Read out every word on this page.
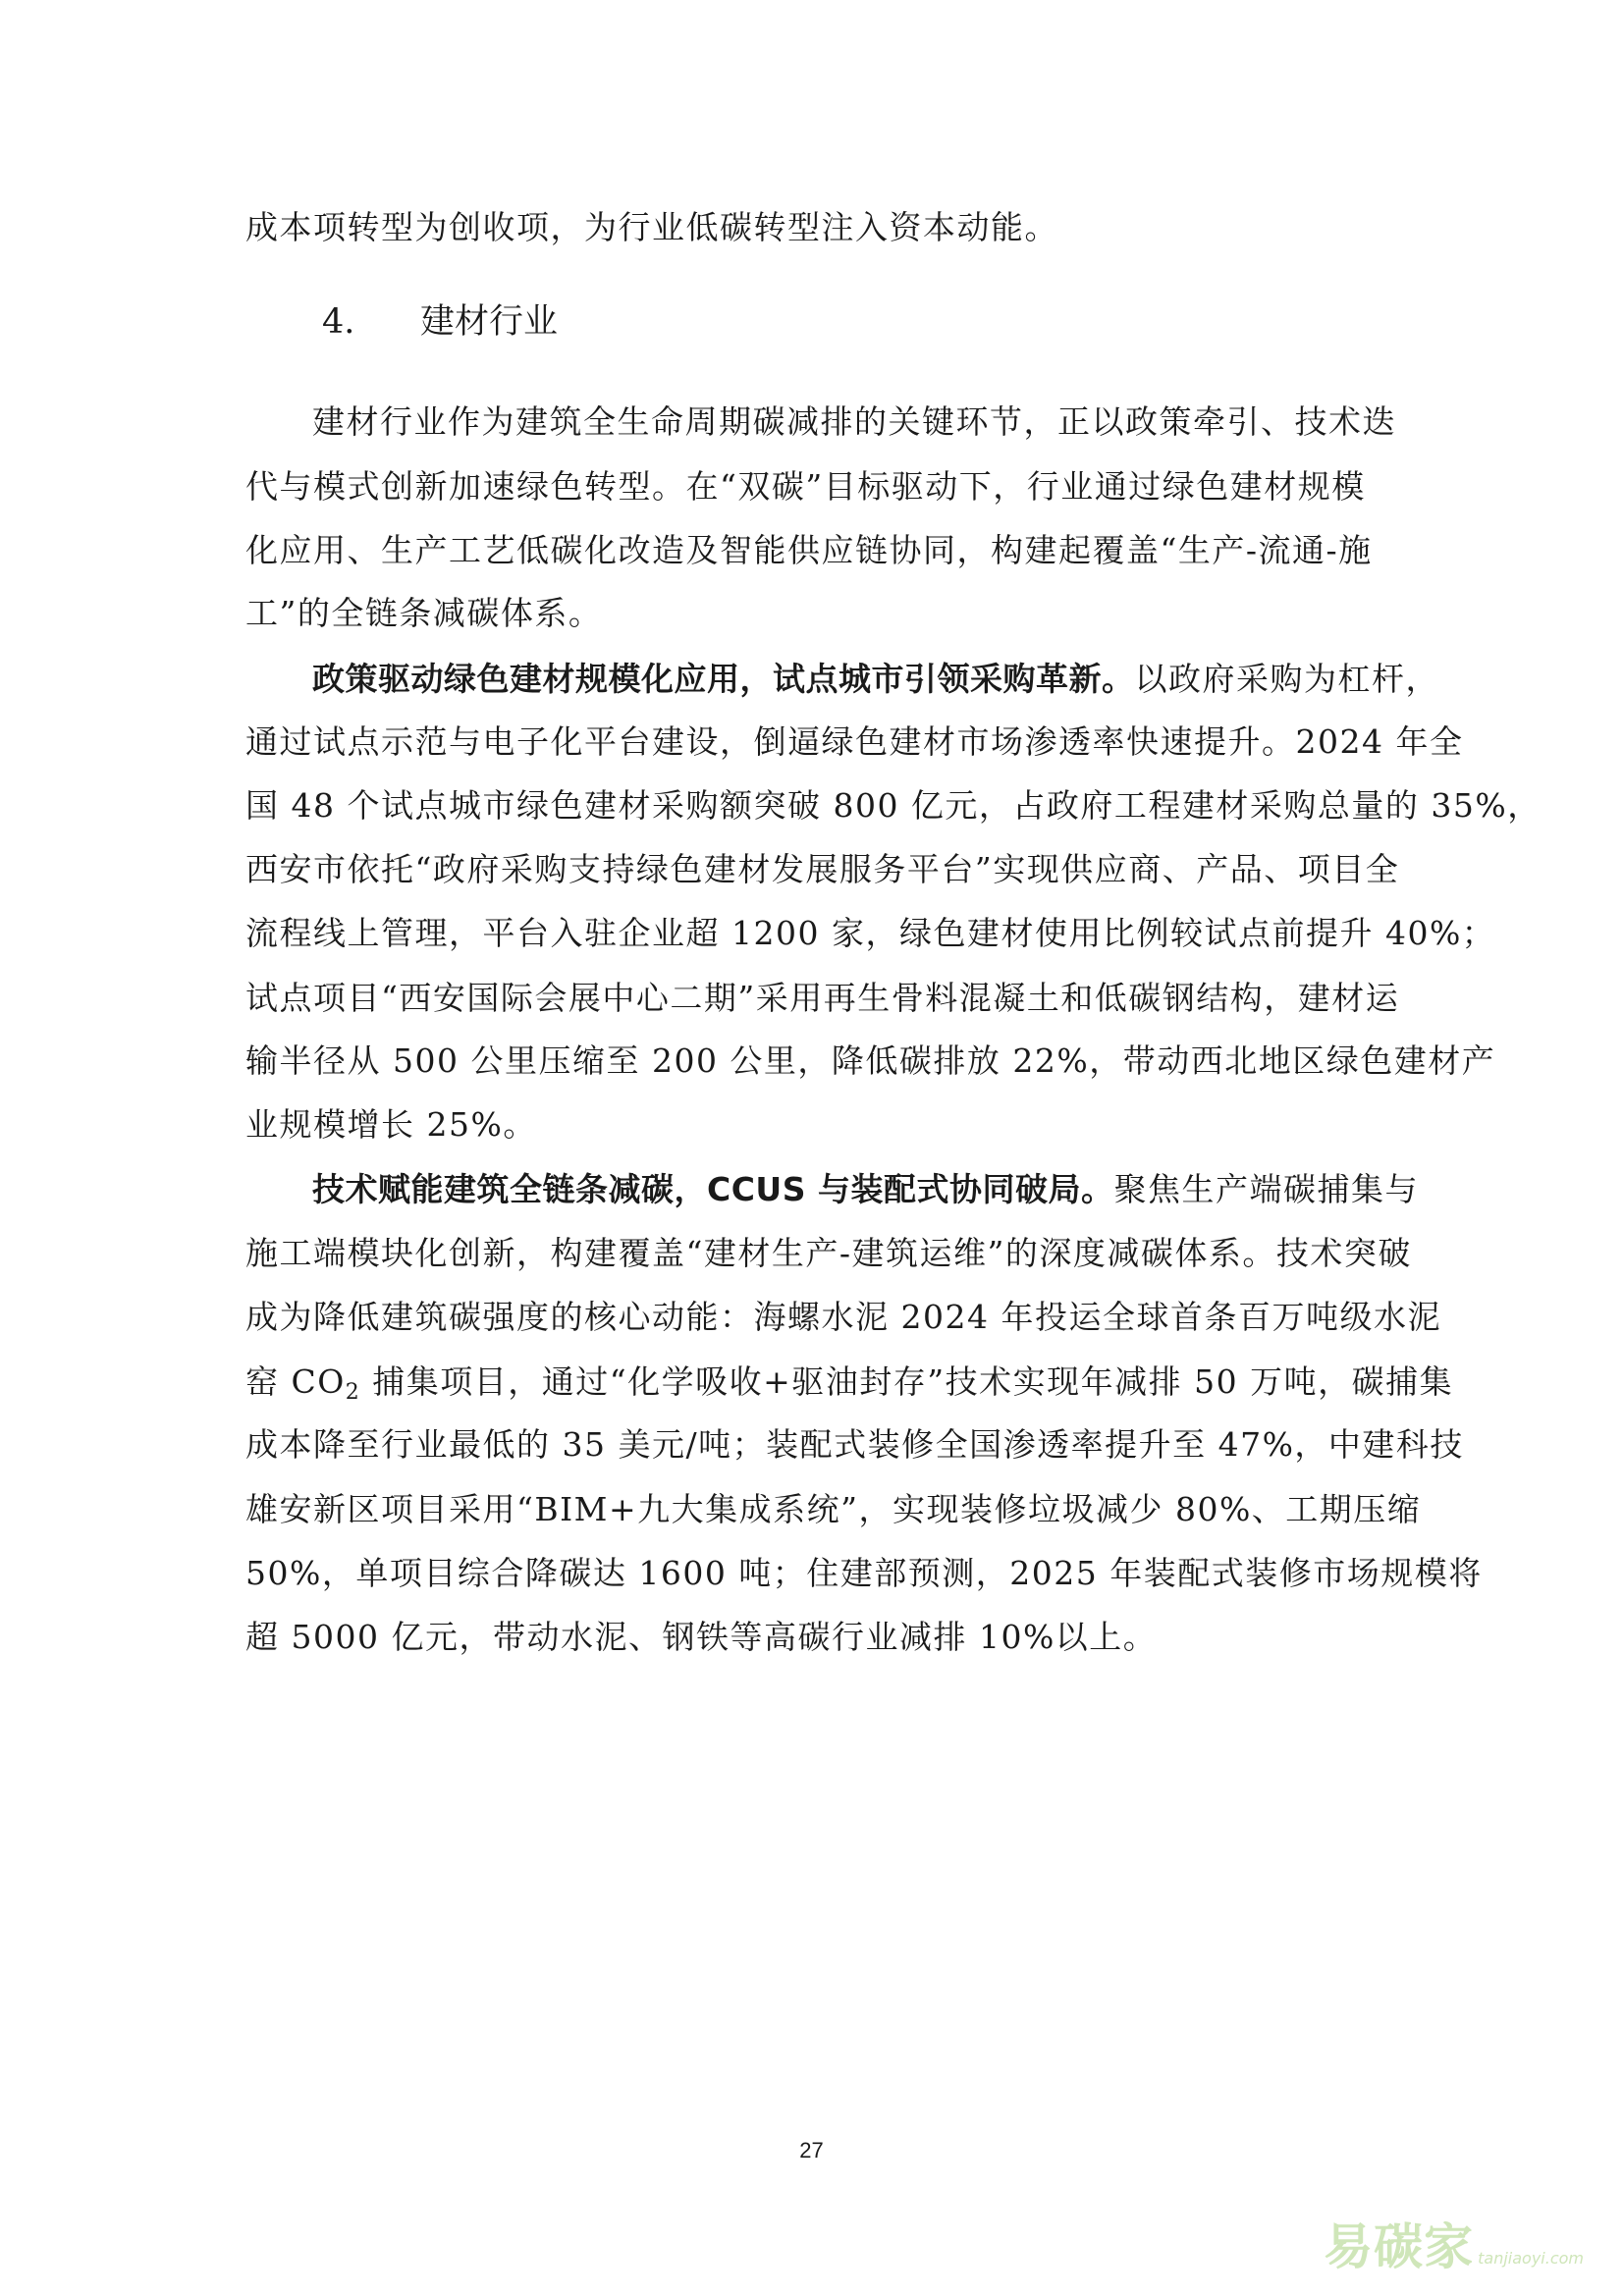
成本项转型为创收项，为行业低碳转型注入资本动能。
4. 建材行业
建材行业作为建筑全生命周期碳减排的关键环节，正以政策牵引、技术迭
代与模式创新加速绿色转型。在“双碳”目标驱动下，行业通过绿色建材规模
化应用、生产工艺低碳化改造及智能供应链协同，构建起覆盖“生产-流通-施
工”的全链条减碳体系。
政策驱动绿色建材规模化应用，试点城市引领采购革新。以政府采购为杠杆，
通过试点示范与电子化平台建设，倒逼绿色建材市场渗透率快速提升。2024 年全
国 48 个试点城市绿色建材采购额突破 800 亿元，占政府工程建材采购总量的 35%，
西安市依托“政府采购支持绿色建材发展服务平台”实现供应商、产品、项目全
流程线上管理，平台入驻企业超 1200 家，绿色建材使用比例较试点前提升 40%；
试点项目“西安国际会展中心二期”采用再生骨料混凝土和低碳钢结构，建材运
输半径从 500 公里压缩至 200 公里，降低碳排放 22%，带动西北地区绿色建材产
业规模增长 25%。
技术赋能建筑全链条减碳，CCUS 与装配式协同破局。聚焦生产端碳捕集与
施工端模块化创新，构建覆盖“建材生产-建筑运维”的深度减碳体系。技术突破
成为降低建筑碳强度的核心动能：海螺水泥 2024 年投运全球首条百万吨级水泥
窑 $CO_2$ 捕集项目，通过“化学吸收+驱油封存”技术实现年减排 50 万吨，碳捕集
成本降至行业最低的 35 美元/吨；装配式装修全国渗透率提升至 47%，中建科技
雄安新区项目采用“BIM+九大集成系统”，实现装修垃圾减少 80%、工期压缩
50%，单项目综合降碳达 1600 吨；住建部预测，2025 年装配式装修市场规模将
超 5000 亿元，带动水泥、钢铁等高碳行业减排 10%以上。
27
易碳家 tanjiaoyi.com
